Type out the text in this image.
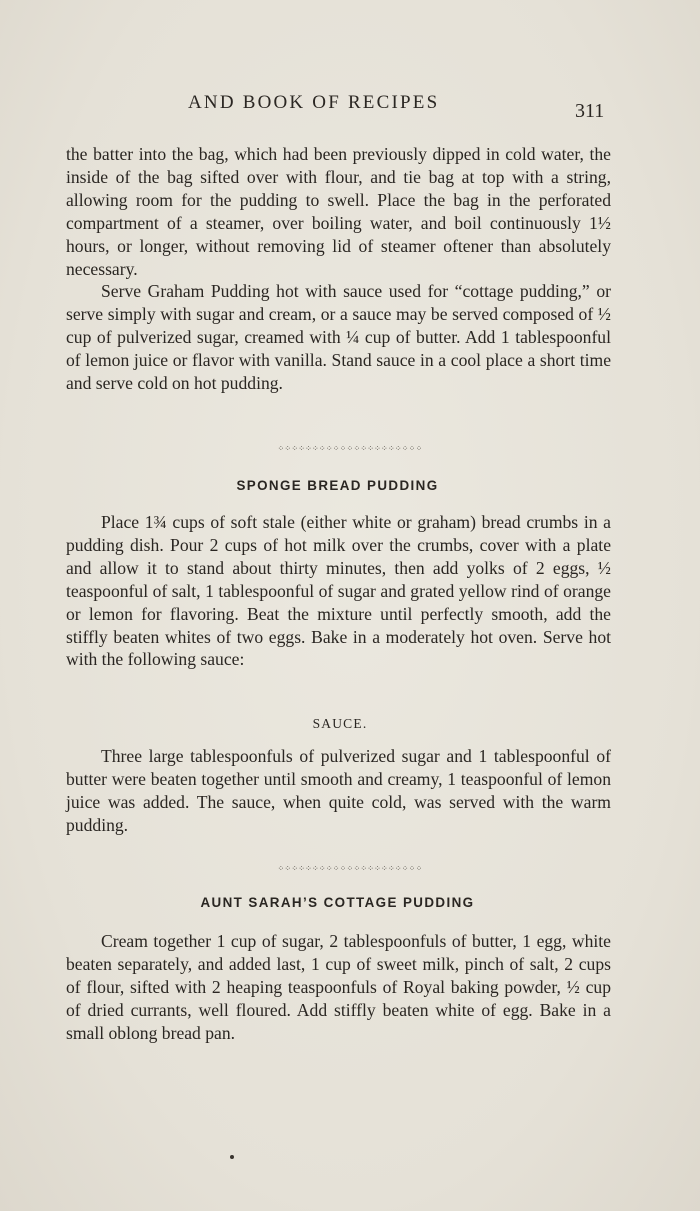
AND BOOK OF RECIPES	311

the batter into the bag, which had been previously dipped in cold water, the inside of the bag sifted over with flour, and tie bag at top with a string, allowing room for the pudding to swell. Place the bag in the perforated compartment of a steamer, over boiling water, and boil continuously 1½ hours, or longer, without removing lid of steamer oftener than absolutely necessary.

Serve Graham Pudding hot with sauce used for “cottage pudding,” or serve simply with sugar and cream, or a sauce may be served composed of ½ cup of pulverized sugar, creamed with ¼ cup of butter. Add 1 tablespoonful of lemon juice or flavor with vanilla. Stand sauce in a cool place a short time and serve cold on hot pudding.

⁘⁘⁘⁘⁘⁘⁘⁘⁘⁘⁘⁘⁘⁘⁘⁘⁘⁘⁘⁘⁘
SPONGE BREAD PUDDING

Place 1¾ cups of soft stale (either white or graham) bread crumbs in a pudding dish. Pour 2 cups of hot milk over the crumbs, cover with a plate and allow it to stand about thirty minutes, then add yolks of 2 eggs, ½ teaspoonful of salt, 1 tablespoonful of sugar and grated yellow rind of orange or lemon for flavoring. Beat the mixture until perfectly smooth, add the stiffly beaten whites of two eggs. Bake in a moderately hot oven. Serve hot with the following sauce:

SAUCE.

Three large tablespoonfuls of pulverized sugar and 1 tablespoonful of butter were beaten together until smooth and creamy, 1 teaspoonful of lemon juice was added. The sauce, when quite cold, was served with the warm pudding.

⁘⁘⁘⁘⁘⁘⁘⁘⁘⁘⁘⁘⁘⁘⁘⁘⁘⁘⁘⁘⁘
AUNT SARAH’S COTTAGE PUDDING

Cream together 1 cup of sugar, 2 tablespoonfuls of butter, 1 egg, white beaten separately, and added last, 1 cup of sweet milk, pinch of salt, 2 cups of flour, sifted with 2 heaping teaspoonfuls of Royal baking powder, ½ cup of dried currants, well floured. Add stiffly beaten white of egg. Bake in a small oblong bread pan.
